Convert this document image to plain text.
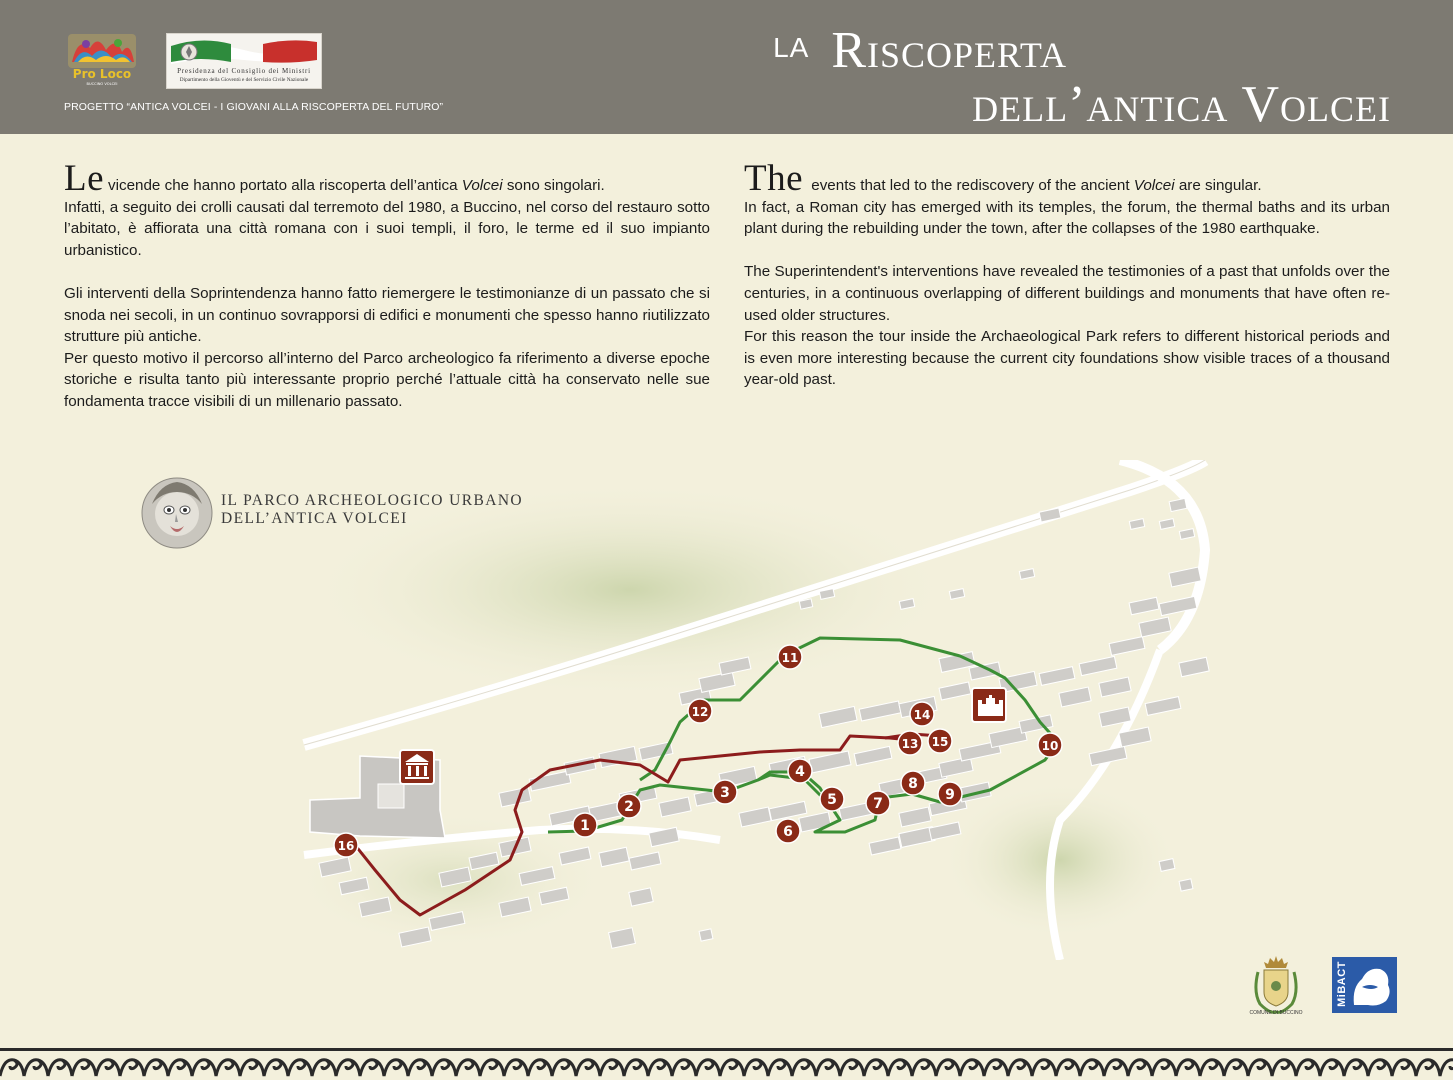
Pro Loco
BUCCINO VOLCEI
Presidenza del Consiglio dei Ministri
Dipartimento della Gioventù e del Servizio Civile Nazionale
PROGETTO “ANTICA VOLCEI - I GIOVANI ALLA RISCOPERTA DEL FUTURO”
la Riscoperta
dell’antica Volcei

Le vicende che hanno portato alla riscoperta dell’antica Volcei sono singolari.
Infatti, a seguito dei crolli causati dal terremoto del 1980, a Buccino, nel corso del restauro sotto l’abitato, è affiorata una città romana con i suoi templi, il foro, le terme ed il suo impianto urbanistico.

Gli interventi della Soprintendenza hanno fatto riemergere le testimonianze di un passato che si snoda nei secoli, in un continuo sovrapporsi di edifici e monumenti che spesso hanno riutilizzato strutture più antiche.

Per questo motivo il percorso all’interno del Parco archeologico fa riferimento a diverse epoche storiche e risulta tanto più interessante proprio perché l’attuale città ha conservato nelle sue fondamenta tracce visibili di un millenario passato.

The events that led to the rediscovery of the ancient Volcei are singular.
In fact, a Roman city has emerged with its temples, the forum, the thermal baths and its urban plant during the rebuilding under the town, after the collapses of the 1980 earthquake.

The Superintendent's interventions have revealed the testimonies of a past that unfolds over the centuries, in a continuous overlapping of different buildings and monuments that have often re-used older structures.

For this reason the tour inside the Archaeological Park refers to different historical periods and is even more interesting because the current city foundations show visible traces of a thousand year-old past.

1
2
3
4
5
6
7
8
9
10
11
12
13
14
15
16
IL PARCO ARCHEOLOGICO URBANO
DELL’ANTICA VOLCEI
COMUNE DI BUCCINO
MiBACT
